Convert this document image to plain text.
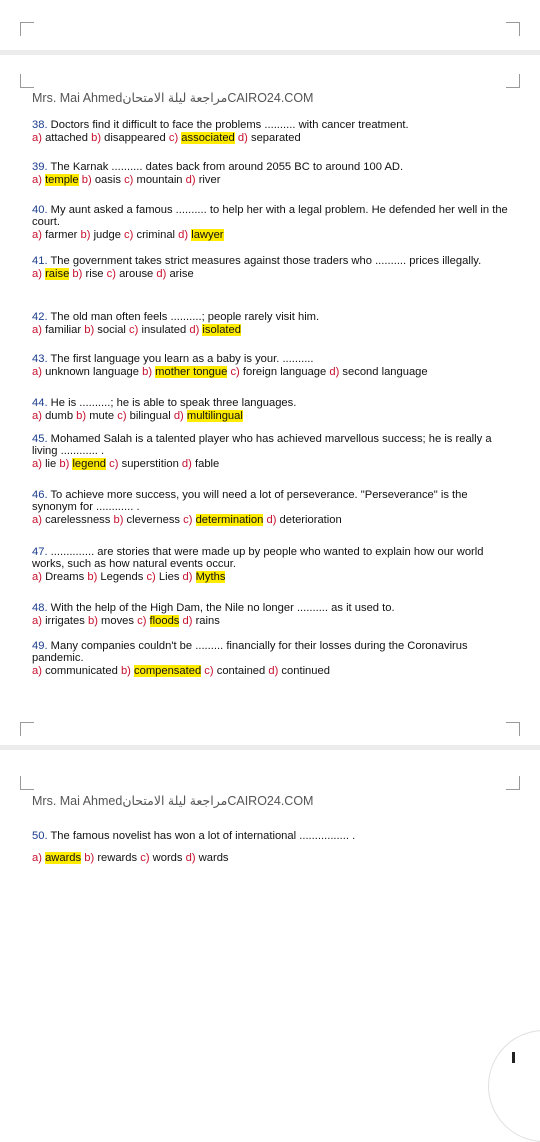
Mrs. Mai Ahmedمراجعة ليلة الامتحانCAIRO24.COM
38. Doctors find it difficult to face the problems .......... with cancer treatment.
a) attached b) disappeared c) associated d) separated
39. The Karnak .......... dates back from around 2055 BC to around 100 AD.
a) temple b) oasis c) mountain d) river
40. My aunt asked a famous .......... to help her with a legal problem. He defended her well in the court.
a) farmer b) judge c) criminal d) lawyer
41. The government takes strict measures against those traders who .......... prices illegally.
a) raise b) rise c) arouse d) arise
42. The old man often feels ..........; people rarely visit him.
a) familiar b) social c) insulated d) isolated
43. The first language you learn as a baby is your. ..........
a) unknown language b) mother tongue c) foreign language d) second language
44. He is ..........; he is able to speak three languages.
a) dumb b) mute c) bilingual d) multilingual
45. Mohamed Salah is a talented player who has achieved marvellous success; he is really a living ............ .
a) lie b) legend c) superstition d) fable
46. To achieve more success, you will need a lot of perseverance. "Perseverance" is the synonym for ............ .
a) carelessness b) cleverness c) determination d) deterioration
47. .............. are stories that were made up by people who wanted to explain how our world works, such as how natural events occur.
a) Dreams b) Legends c) Lies d) Myths
48. With the help of the High Dam, the Nile no longer .......... as it used to.
a) irrigates b) moves c) floods d) rains
49. Many companies couldn't be ......... financially for their losses during the Coronavirus pandemic.
a) communicated b) compensated c) contained d) continued
Mrs. Mai Ahmedمراجعة ليلة الامتحانCAIRO24.COM
50. The famous novelist has won a lot of international ................ .
a) awards b) rewards c) words d) wards
